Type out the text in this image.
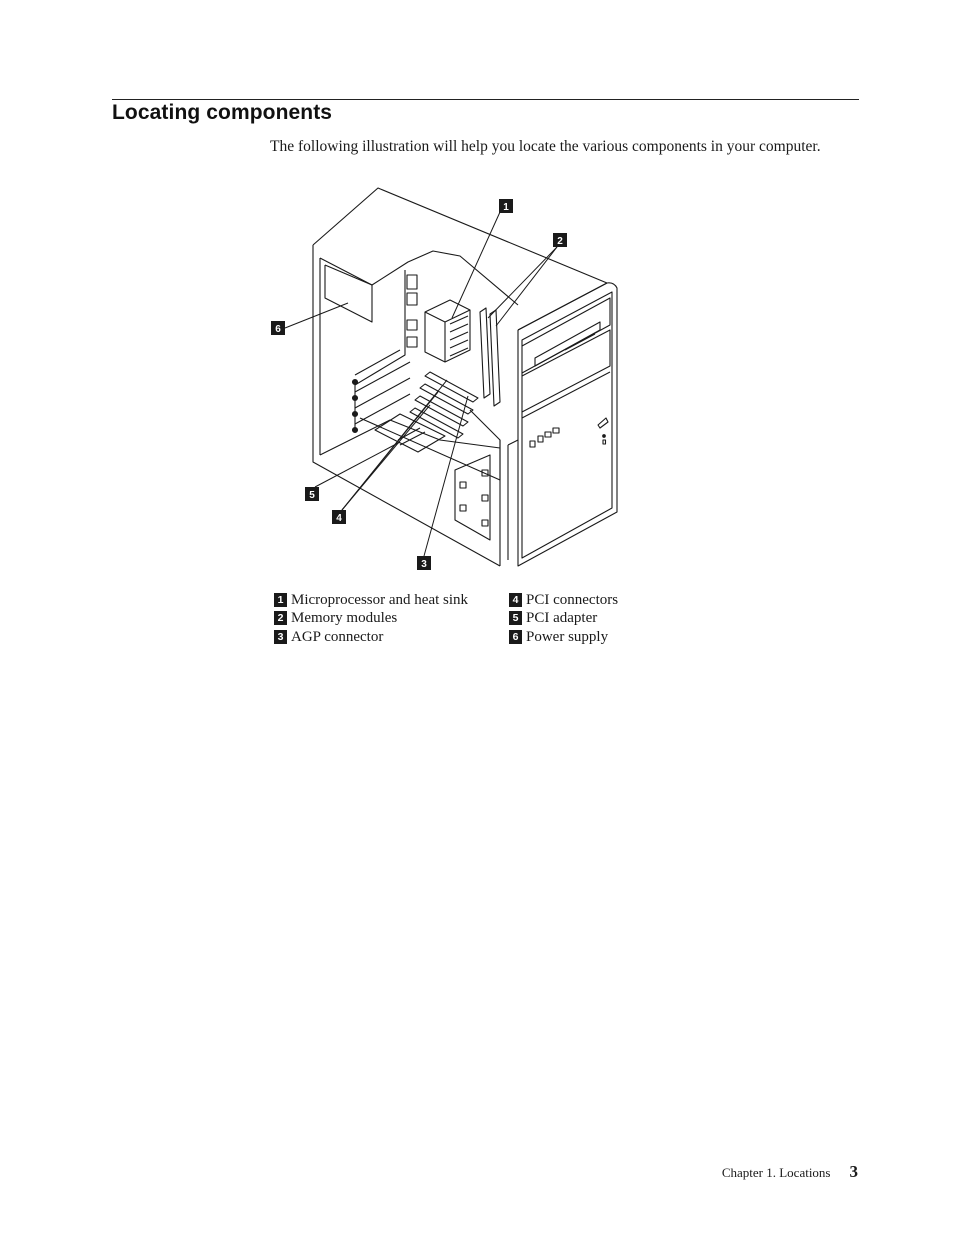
Locating components

The following illustration will help you locate the various components in your computer.

1
2
3
4
5
6
1 Microprocessor and heat sink
2 Memory modules
3 AGP connector
4 PCI connectors
5 PCI adapter
6 Power supply
Chapter 1. Locations 3
